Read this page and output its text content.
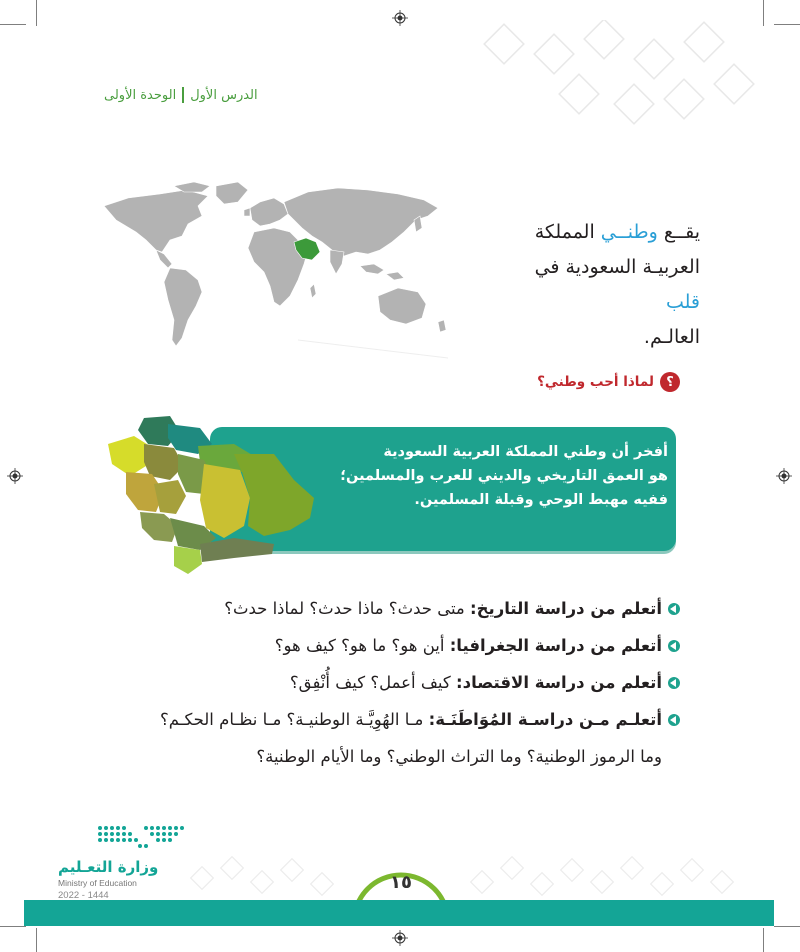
الوحدة الأولى الدرس الأول
يقــع وطنــي المملكة
العربيـة السعودية في قلب
العالـم.
؟
لماذا أحب وطني؟
أفخر أن وطني المملكة العربية السعودية
هو العمق التاريخي والديني للعرب والمسلمين؛
ففيه مهبط الوحي وقبلة المسلمين.
أتعلم من دراسة التاريخ: متى حدث؟ ماذا حدث؟ لماذا حدث؟
أتعلم من دراسة الجغرافيا: أين هو؟ ما هو؟ كيف هو؟
أتعلم من دراسة الاقتصاد: كيف أعمل؟ كيف أُنْفِق؟
أتعلـم مـن دراسـة المُوَاطَنَـة: مـا الهُوِيَّـة الوطنيـة؟ مـا نظـام الحكـم؟
وما الرموز الوطنية؟ وما التراث الوطني؟ وما الأيام الوطنية؟
١٥
وزارة التعـليم
Ministry of Education
2022 - 1444
